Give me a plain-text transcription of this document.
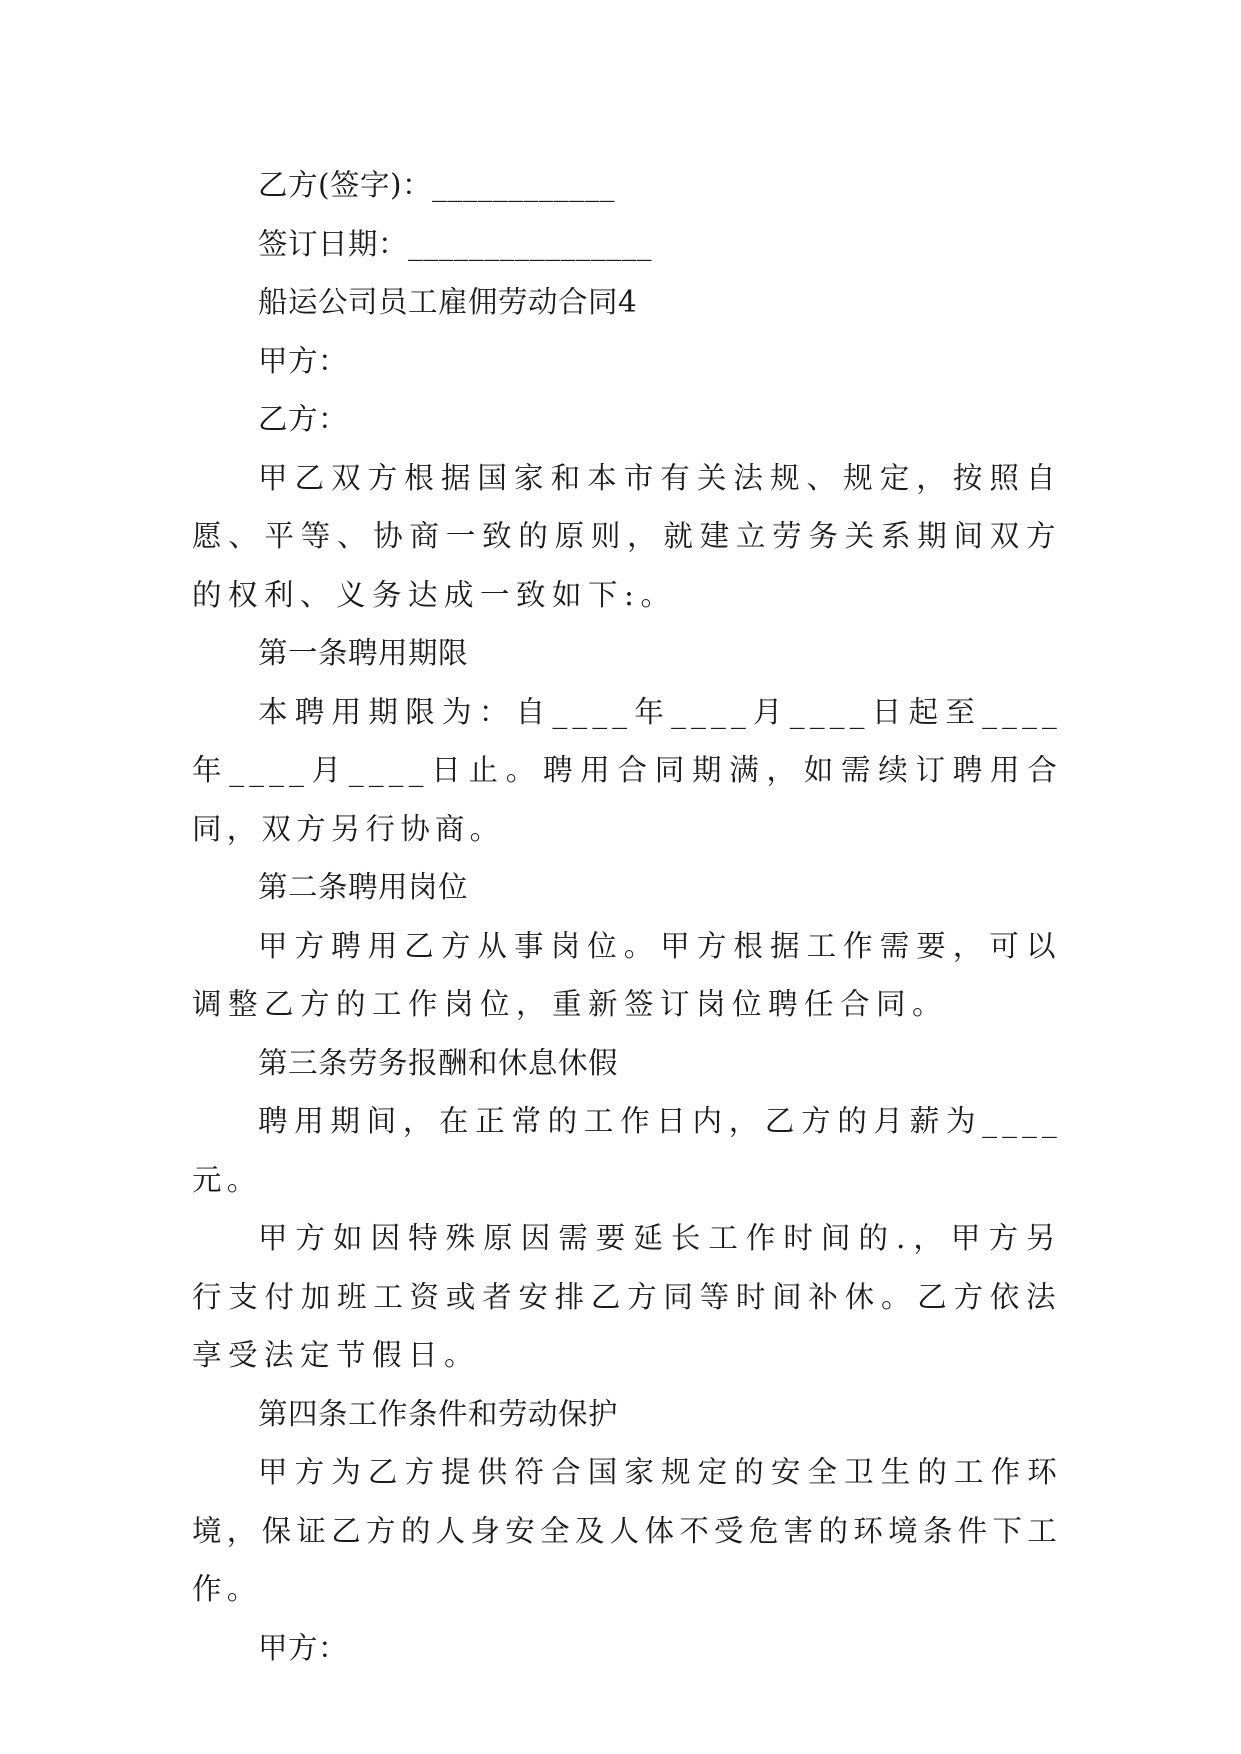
乙方(签字)：____________

签订日期：________________

船运公司员工雇佣劳动合同4

甲方：

乙方：

甲乙双方根据国家和本市有关法规、规定，按照自愿、平等、协商一致的原则，就建立劳务关系期间双方的权利、义务达成一致如下:。

第一条聘用期限

本聘用期限为：自____年____月____日起至____年____月____日止。聘用合同期满，如需续订聘用合同，双方另行协商。

第二条聘用岗位

甲方聘用乙方从事岗位。甲方根据工作需要，可以调整乙方的工作岗位，重新签订岗位聘任合同。

第三条劳务报酬和休息休假

聘用期间，在正常的工作日内，乙方的月薪为____元。

甲方如因特殊原因需要延长工作时间的.，甲方另行支付加班工资或者安排乙方同等时间补休。乙方依法享受法定节假日。

第四条工作条件和劳动保护

甲方为乙方提供符合国家规定的安全卫生的工作环境，保证乙方的人身安全及人体不受危害的环境条件下工作。

甲方：
